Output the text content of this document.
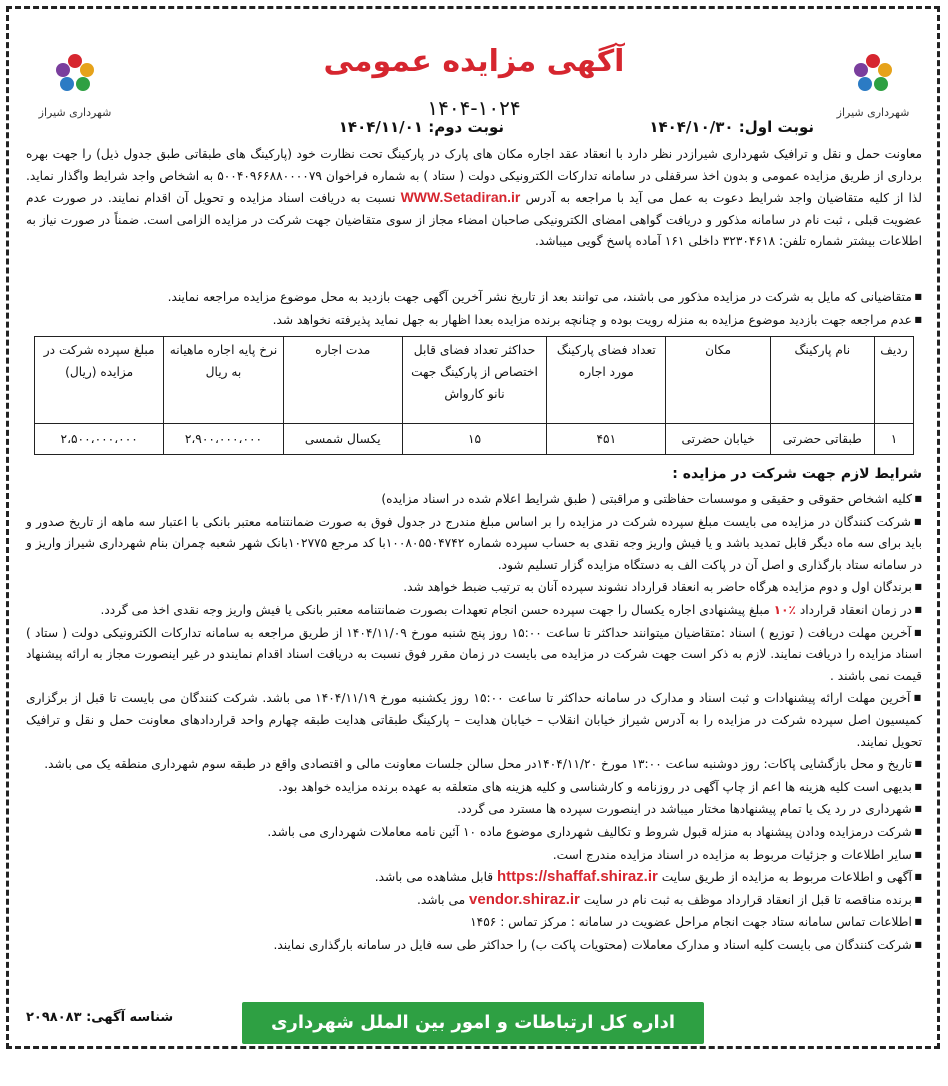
شهرداری شیراز
شهرداری شیراز
آگهی مزایده عمومی
۱۴۰۴-۱۰۲۴
نوبت اول: ۱۴۰۴/۱۰/۳۰
نوبت دوم: ۱۴۰۴/۱۱/۰۱

معاونت حمل و نقل و ترافیک شهرداری شیرازدر نظر دارد با انعقاد عقد اجاره مکان های پارک در پارکینگ تحت نظارت خود (پارکینگ های طبقاتی طبق جدول ذیل) را جهت بهره برداری از طریق مزایده عمومی و بدون اخذ سرقفلی در سامانه تدارکات الکترونیکی دولت ( ستاد ) به شماره فراخوان ۵۰۰۴۰۹۶۶۸۸۰۰۰۰۷۹ به اشخاص واجد شرایط واگذار نماید. لذا از کلیه متقاضیان واجد شرایط دعوت به عمل می آید با مراجعه به آدرس WWW.Setadiran.ir نسبت به دریافت اسناد مزایده و تحویل آن اقدام نمایند. در صورت عدم عضویت قبلی ، ثبت نام در سامانه مذکور و دریافت گواهی امضای الکترونیکی صاحبان امضاء مجاز از سوی متقاضیان جهت شرکت در مزایده الزامی است. ضمناً در صورت نیاز به اطلاعات بیشتر شماره تلفن: ۳۲۳۰۴۶۱۸ داخلی ۱۶۱ آماده پاسخ گویی میباشد.

■ متقاضیانی که مایل به شرکت در مزایده مذکور می باشند، می توانند بعد از تاریخ نشر آخرین آگهی جهت بازدید به محل موضوع مزایده مراجعه نمایند.
■ عدم مراجعه جهت بازدید موضوع مزایده به منزله رویت بوده و چنانچه برنده مزایده بعدا اظهار به جهل نماید پذیرفته نخواهد شد.
ردیف	نام پارکینگ	مکان	تعداد فضای پارکینگ مورد اجاره	حداکثر تعداد فضای قابل اختصاص از پارکینگ جهت نانو کارواش	مدت اجاره	نرخ پایه اجاره ماهیانه به ریال	مبلغ سپرده شرکت در مزایده (ریال)
۱	طبقاتی حضرتی	خیابان حضرتی	۴۵۱	۱۵	یکسال شمسی	۲،۹۰۰،۰۰۰،۰۰۰	۲،۵۰۰،۰۰۰،۰۰۰
شرایط لازم جهت شرکت در مزایده :
■ کلیه اشخاص حقوقی و حقیقی و موسسات حفاظتی و مراقبتی ( طبق شرایط اعلام شده در اسناد مزایده)
■ شرکت کنندگان در مزایده می بایست مبلغ سپرده شرکت در مزایده را بر اساس مبلغ مندرج در جدول فوق به صورت ضمانتنامه معتبر بانکی با اعتبار سه ماهه از تاریخ صدور و باید برای سه ماه دیگر قابل تمدید باشد و یا فیش واریز وجه نقدی به حساب سپرده شماره ۱۰۰۸۰۵۵۰۴۷۴۲با کد مرجع ۱۰۲۷۷۵بانک شهر شعبه چمران بنام شهرداری شیراز واریز و در سامانه ستاد بارگذاری و اصل آن در پاکت الف به دستگاه مزایده گزار تسلیم شود.
■ برندگان اول و دوم مزایده هرگاه حاضر به انعقاد قرارداد نشوند سپرده آنان به ترتیب ضبط خواهد شد.
■ در زمان انعقاد قرارداد ٪۱۰ مبلغ پیشنهادی اجاره یکسال را جهت سپرده حسن انجام تعهدات بصورت ضمانتنامه معتبر بانکی یا فیش واریز وجه نقدی اخذ می گردد.
■ آخرین مهلت دریافت ( توزیع ) اسناد :متقاضیان میتوانند حداکثر تا ساعت ۱۵:۰۰ روز پنج شنبه مورخ ۱۴۰۴/۱۱/۰۹ از طریق مراجعه به سامانه تدارکات الکترونیکی دولت ( ستاد ) اسناد مزایده را دریافت نمایند. لازم به ذکر است جهت شرکت در مزایده می بایست در زمان مقرر فوق نسبت به دریافت اسناد اقدام نمایندو در غیر اینصورت مجاز به ارائه پیشنهاد قیمت نمی باشند .
■ آخرین مهلت ارائه پیشنهادات و ثبت اسناد و مدارک در سامانه حداکثر تا ساعت ۱۵:۰۰ روز یکشنبه مورخ ۱۴۰۴/۱۱/۱۹ می باشد. شرکت کنندگان می بایست تا قبل از برگزاری کمیسیون اصل سپرده شرکت در مزایده را به آدرس شیراز خیابان انقلاب – خیابان هدایت – پارکینگ طبقاتی هدایت طبقه چهارم واحد قراردادهای معاونت حمل و نقل و ترافیک تحویل نمایند.
■ تاریخ و محل بازگشایی پاکات: روز دوشنبه ساعت ۱۳:۰۰ مورخ ۱۴۰۴/۱۱/۲۰در محل سالن جلسات معاونت مالی و اقتصادی واقع در طبقه سوم شهرداری منطقه یک می باشد.
■ بدیهی است کلیه هزینه ها اعم از چاپ آگهی در روزنامه و کارشناسی و کلیه هزینه های متعلقه به عهده برنده مزایده خواهد بود.
■ شهرداری در رد یک یا تمام پیشنهادها مختار میباشد در اینصورت سپرده ها مسترد می گردد.
■ شرکت درمزایده ودادن پیشنهاد به منزله قبول شروط و تکالیف شهرداری موضوع ماده ۱۰ آئین نامه معاملات شهرداری می باشد.
■ سایر اطلاعات و جزئیات مربوط به مزایده در اسناد مزایده مندرج است.
■ آگهی و اطلاعات مربوط به مزایده از طریق سایت https://shaffaf.shiraz.ir قابل مشاهده می باشد.
■ برنده مناقصه تا قبل از انعقاد قرارداد موظف به ثبت نام در سایت vendor.shiraz.ir می باشد.
■ اطلاعات تماس سامانه ستاد جهت انجام مراحل عضویت در سامانه : مرکز تماس : ۱۴۵۶
■ شرکت کنندگان می بایست کلیه اسناد و مدارک معاملات (محتویات پاکت ب) را حداکثر طی سه فایل در سامانه بارگذاری نمایند.
اداره کل ارتباطات و امور بین الملل شهرداری شیراز
شناسه آگهی: ۲۰۹۸۰۸۳
